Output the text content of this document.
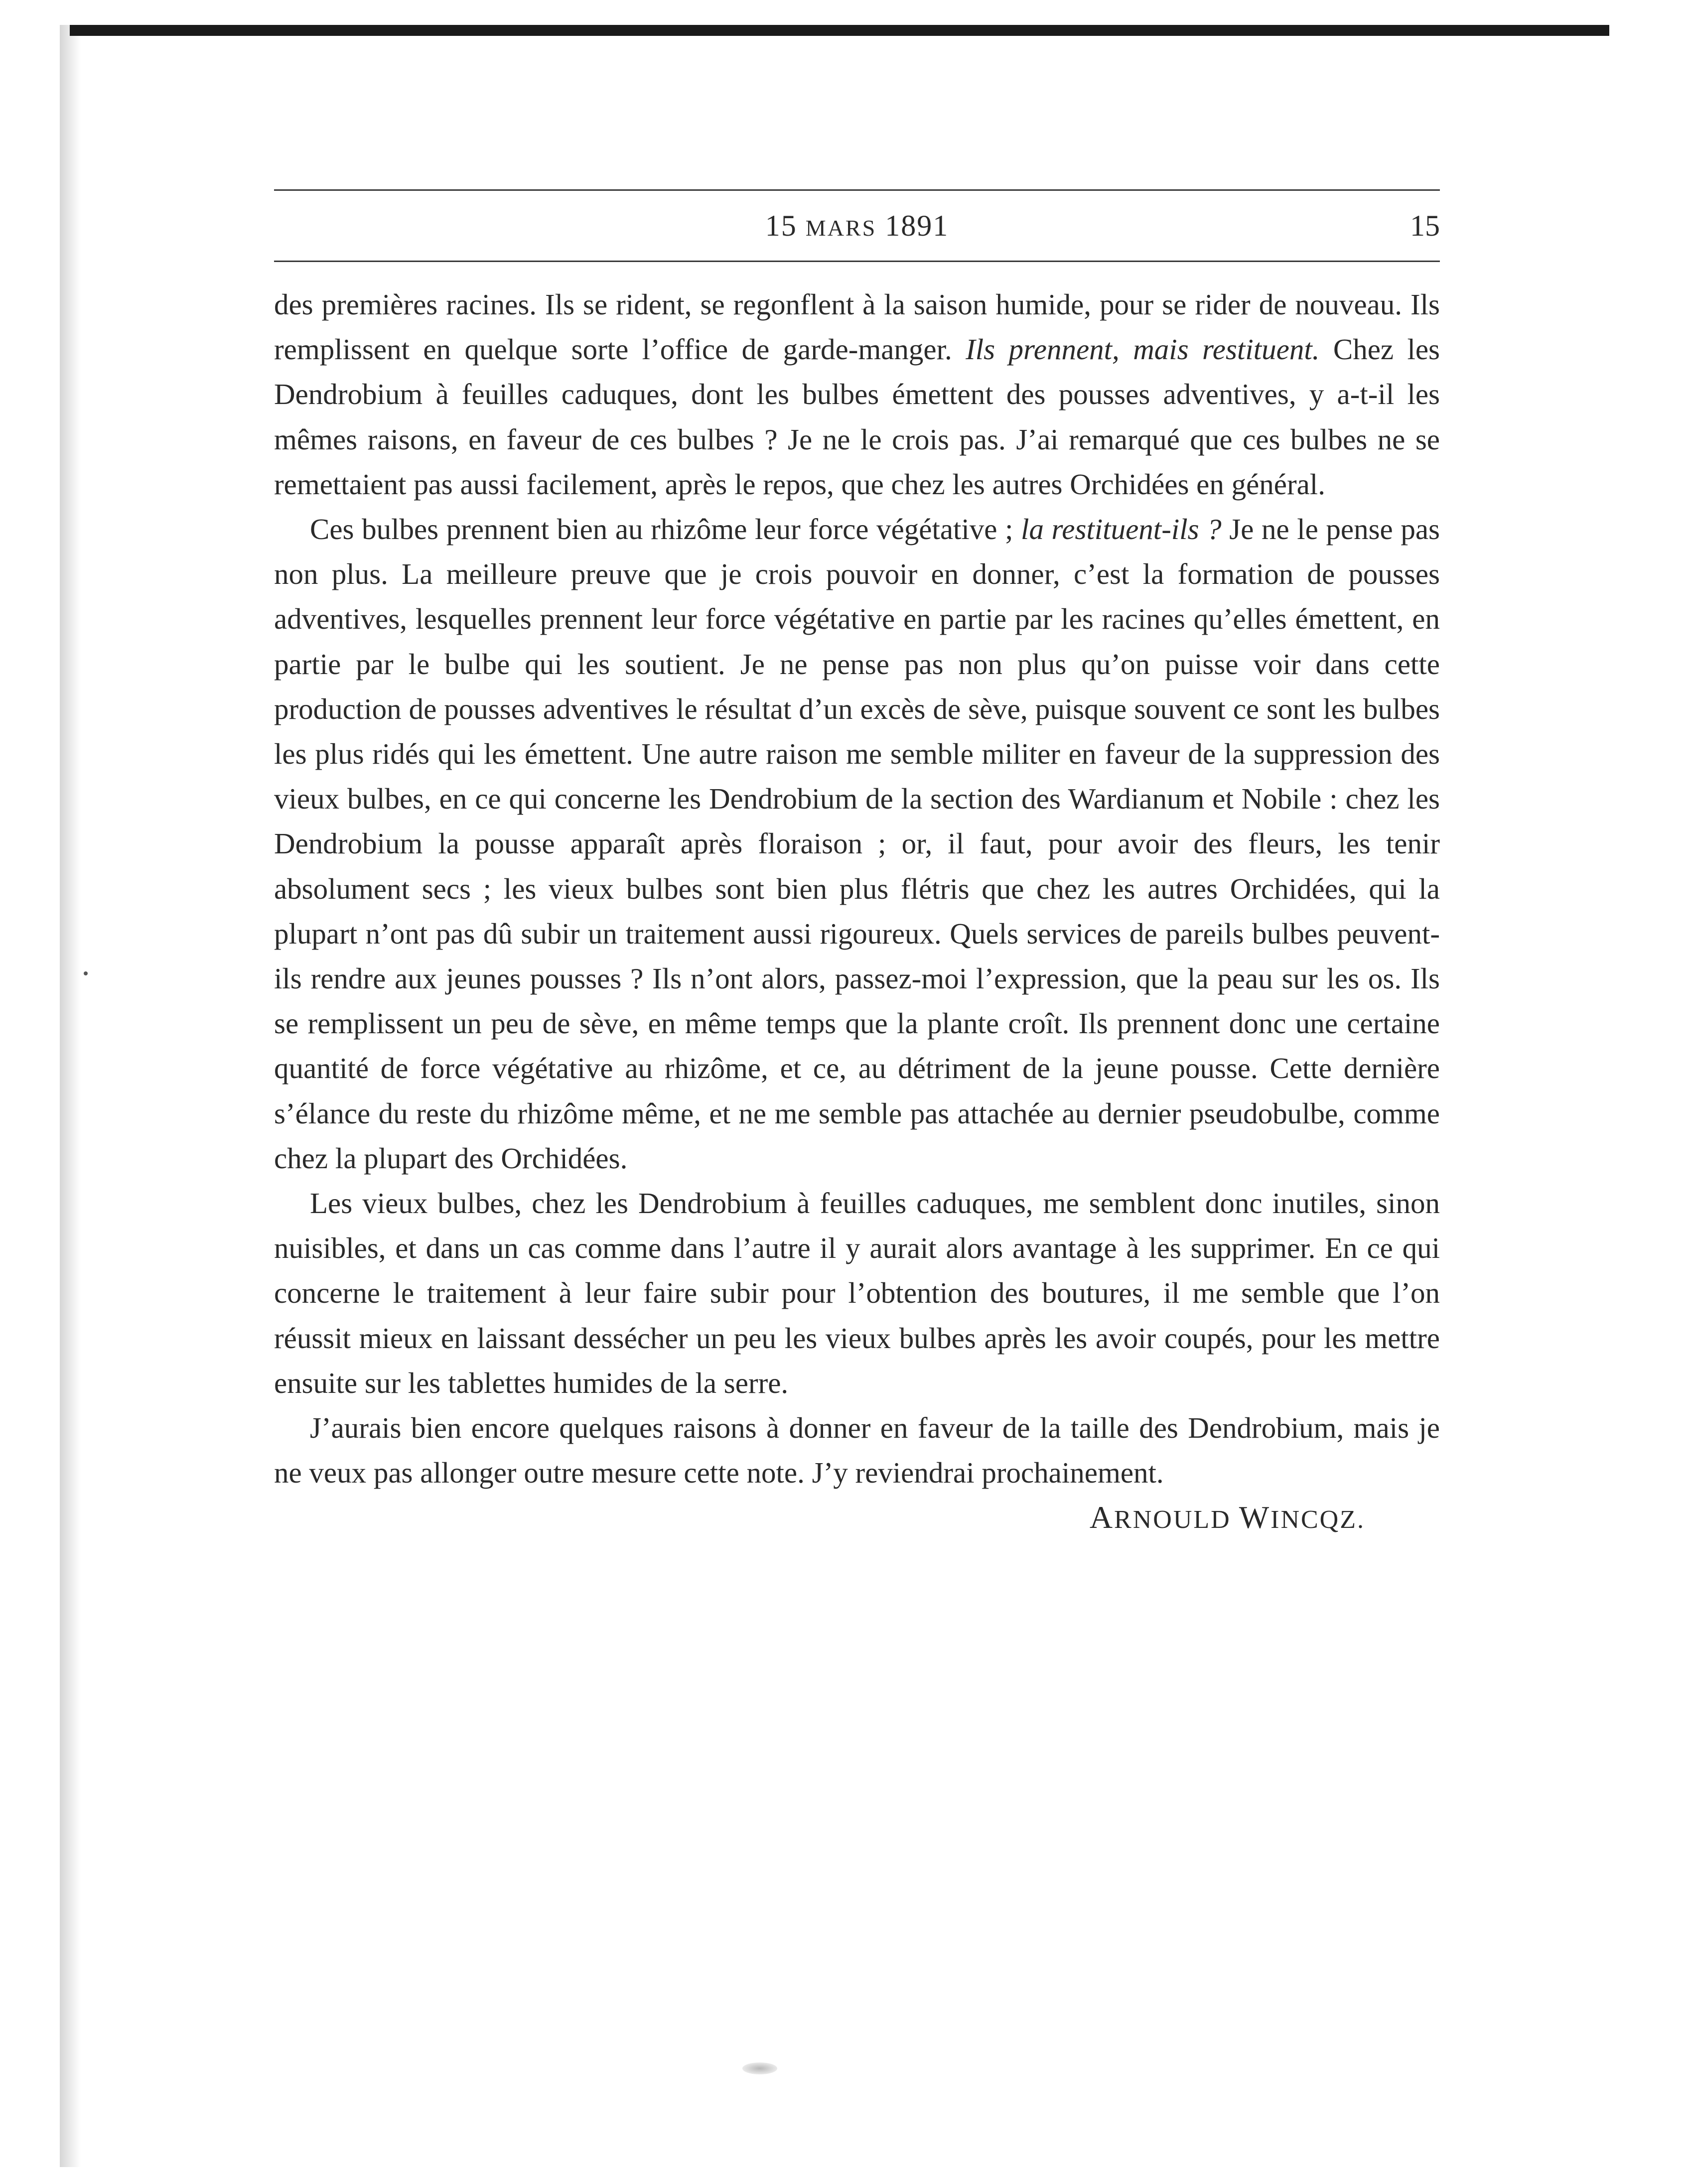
15 MARS 1891	15

des premières racines. Ils se rident, se regonflent à la saison humide, pour se rider de nouveau. Ils remplissent en quelque sorte l’office de garde-manger. Ils prennent, mais restituent. Chez les Dendrobium à feuilles caduques, dont les bulbes émettent des pousses adventives, y a-t-il les mêmes raisons, en faveur de ces bulbes ? Je ne le crois pas. J’ai remarqué que ces bulbes ne se remettaient pas aussi facilement, après le repos, que chez les autres Orchidées en général.

Ces bulbes prennent bien au rhizôme leur force végétative ; la restituent-ils ? Je ne le pense pas non plus. La meilleure preuve que je crois pouvoir en donner, c’est la formation de pousses adventives, lesquelles prennent leur force végétative en partie par les racines qu’elles émettent, en partie par le bulbe qui les soutient. Je ne pense pas non plus qu’on puisse voir dans cette production de pousses adventives le résultat d’un excès de sève, puisque souvent ce sont les bulbes les plus ridés qui les émettent. Une autre raison me semble militer en faveur de la suppression des vieux bulbes, en ce qui concerne les Dendrobium de la section des Wardianum et Nobile : chez les Dendrobium la pousse apparaît après floraison ; or, il faut, pour avoir des fleurs, les tenir absolument secs ; les vieux bulbes sont bien plus flétris que chez les autres Orchidées, qui la plupart n’ont pas dû subir un traitement aussi rigoureux. Quels services de pareils bulbes peuvent-ils rendre aux jeunes pousses ? Ils n’ont alors, passez-moi l’expression, que la peau sur les os. Ils se remplissent un peu de sève, en même temps que la plante croît. Ils prennent donc une certaine quantité de force végétative au rhizôme, et ce, au détriment de la jeune pousse. Cette dernière s’élance du reste du rhizôme même, et ne me semble pas attachée au dernier pseudobulbe, comme chez la plupart des Orchidées.

Les vieux bulbes, chez les Dendrobium à feuilles caduques, me semblent donc inutiles, sinon nuisibles, et dans un cas comme dans l’autre il y aurait alors avantage à les supprimer. En ce qui concerne le traitement à leur faire subir pour l’obtention des boutures, il me semble que l’on réussit mieux en laissant dessécher un peu les vieux bulbes après les avoir coupés, pour les mettre ensuite sur les tablettes humides de la serre.

J’aurais bien encore quelques raisons à donner en faveur de la taille des Dendrobium, mais je ne veux pas allonger outre mesure cette note. J’y reviendrai prochainement.

ARNOULD WINCQZ.
